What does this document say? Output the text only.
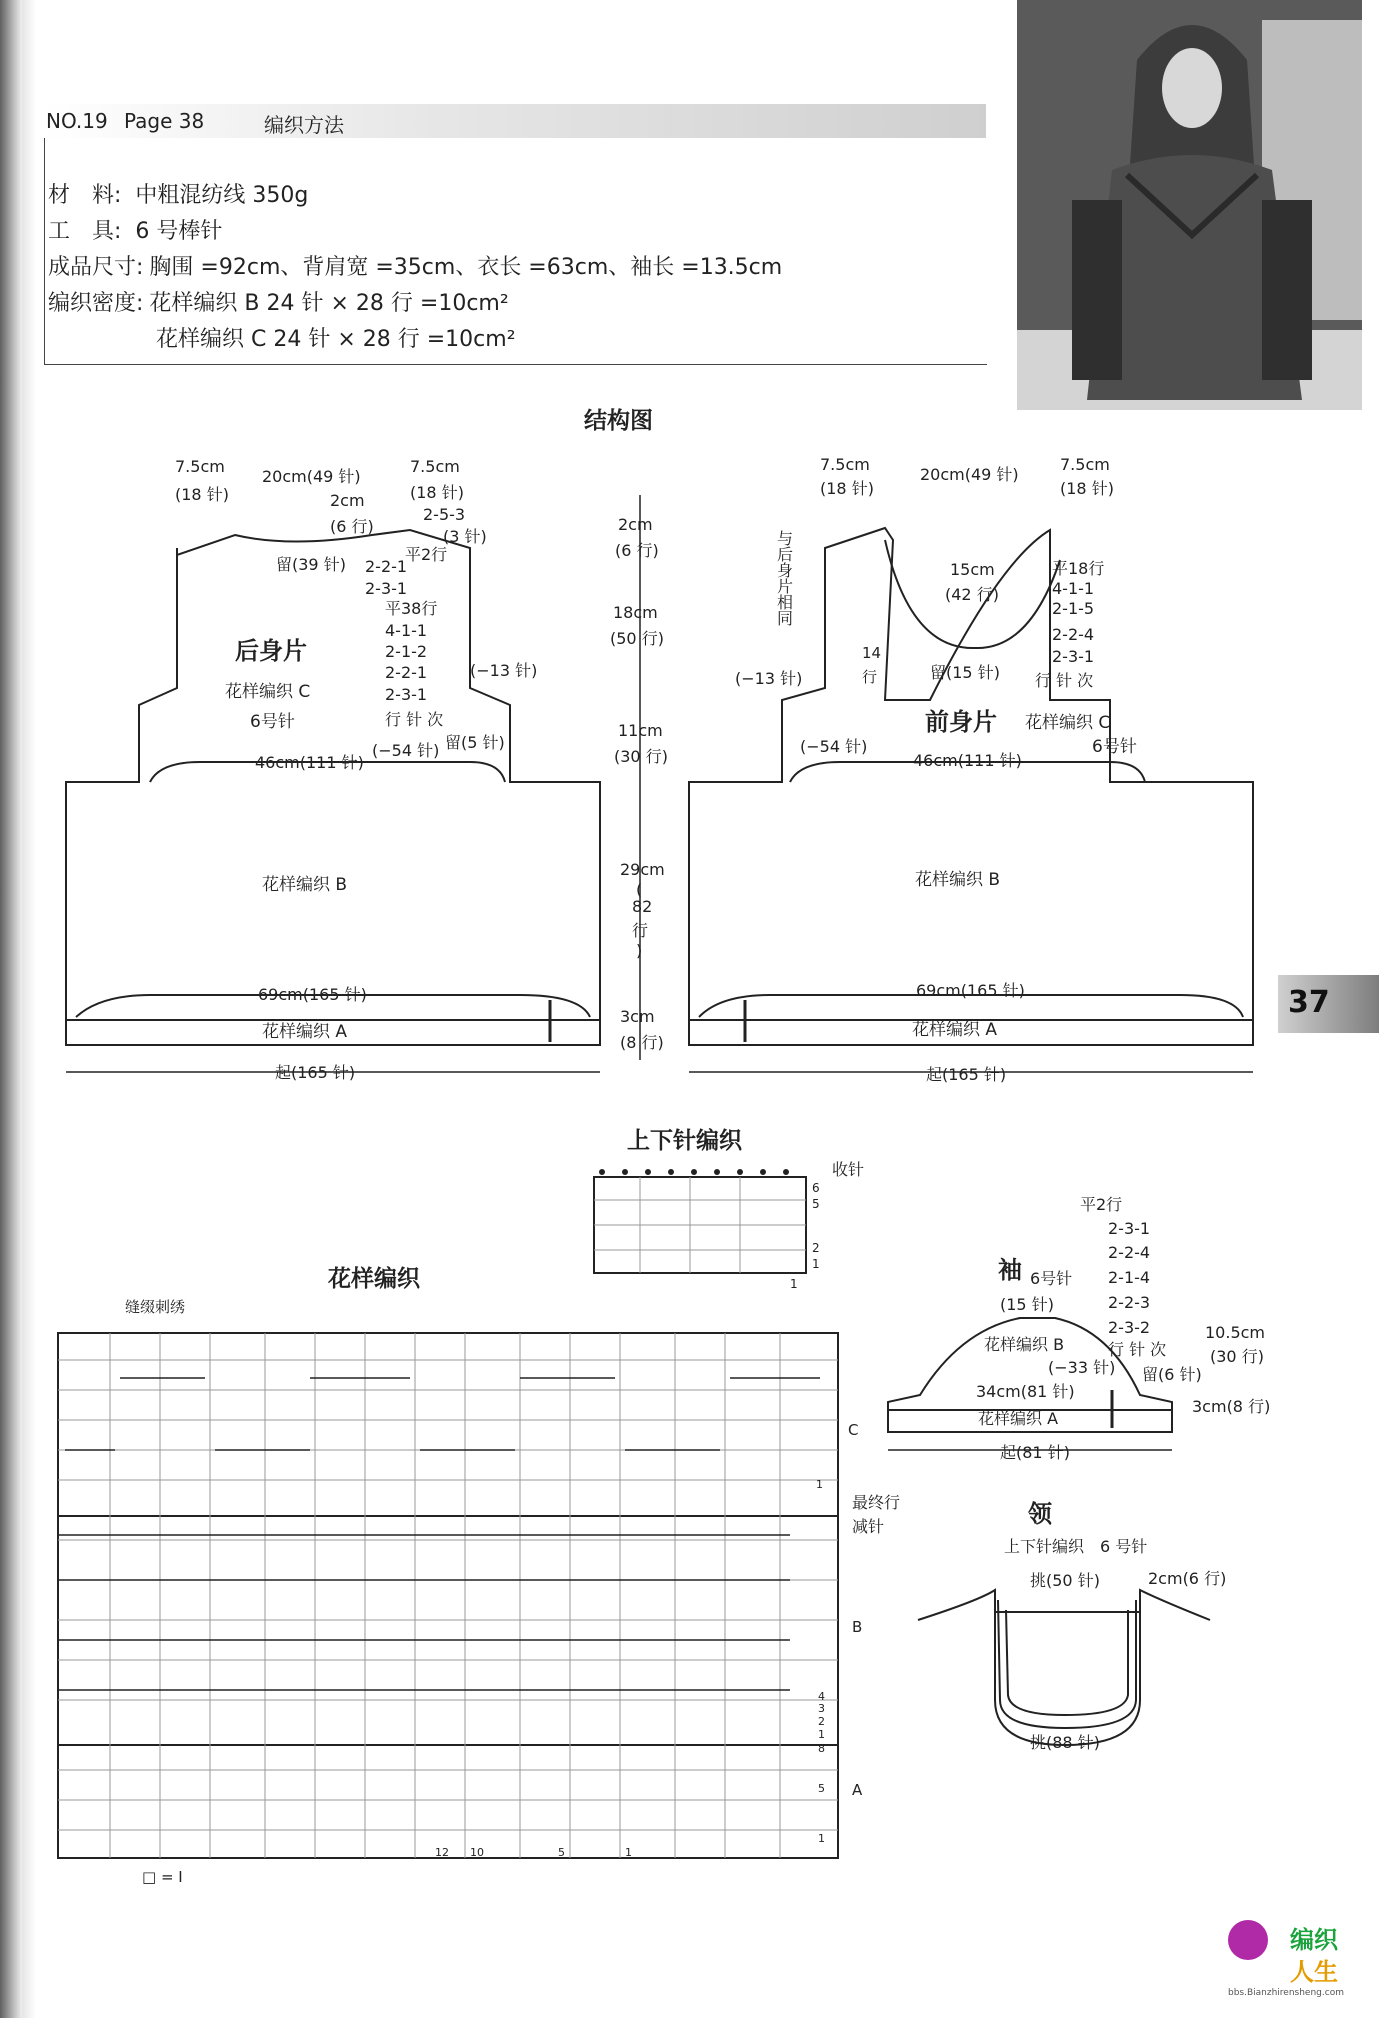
NO.19 Page 38	编织方法
材　料: 中粗混纺线 350g
工　具: 6 号棒针
成品尺寸: 胸围 =92cm、背肩宽 =35cm、衣长 =63cm、袖长 =13.5cm
编织密度: 花样编织 B 24 针 × 28 行 =10cm²
花样编织 C 24 针 × 28 行 =10cm²
37
结构图
上下针编织
花样编织
7.5cm
(18 针)
20cm(49 针)
7.5cm
(18 针)
2cm
(6 行)
2-5-3
(3 针)
留(39 针)
平2行
2-2-1
2-3-1
平38行
4-1-1
2-1-2
2-2-1
2-3-1
行 针 次
(−13 针)
(−54 针) 留(5 针)
后身片
花样编织 C
6号针
46cm(111 针)
花样编织 B
69cm(165 针)
花样编织 A
起(165 针)
2cm
(6 行)
18cm
(50 行)
11cm
(30 行)
29cm
(
82
行
)
3cm
(8 行)
7.5cm
(18 针)
20cm(49 针)
7.5cm
(18 针)
与后身片相同	15cm
(42 行)
平18行
4-1-1
2-1-5
2-2-4
2-3-1
行 针 次
留(15 针)
14
行
(−13 针)
(−54 针)
前身片 花样编织 C
6号针
46cm(111 针)
花样编织 B
69cm(165 针)
花样编织 A
起(165 针)
收针
6
5
2
1
1
缝缀刺绣
C
B
A
最终行
减针
1
4
3
2
1
8
5
1
12 10	5	1
□ = Ⅰ
平2行
2-3-1
2-2-4
2-1-4
2-2-3
2-3-2
行 针 次
袖 6号针
(15 针)
花样编织 B
(−33 针) 留(6 针)
34cm(81 针)
花样编织 A
起(81 针)
10.5cm
(30 行)
3cm(8 行)
领
上下针编织　6 号针
挑(50 针)	2cm(6 行)
挑(88 针)
编织
人生
bbs.Bianzhirensheng.com
